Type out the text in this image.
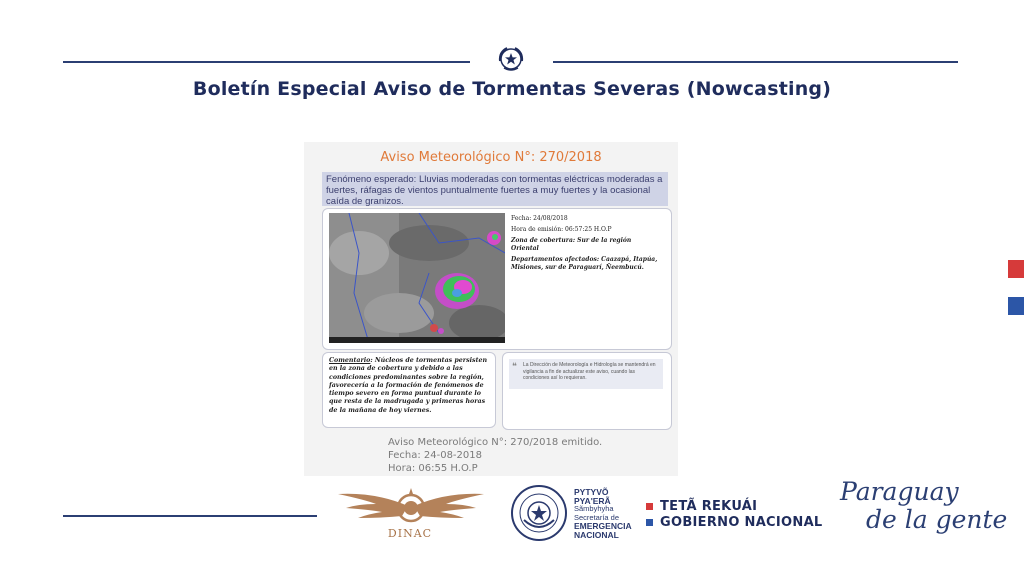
Boletín Especial Aviso de Tormentas Severas (Nowcasting)
Aviso Meteorológico N°: 270/2018
Fenómeno esperado: Lluvias moderadas con tormentas eléctricas moderadas a fuertes, ráfagas de vientos puntualmente fuertes a muy fuertes y la ocasional caída de granizos.
Fecha: 24/08/2018
Hora de emisión: 06:57:25 H.O.P
Zona de cobertura: Sur de la región Oriental
Departamentos afectados: Caazapá, Itapúa, Misiones, sur de Paraguarí, Ñeembucú.
Comentario: Núcleos de tormentas persisten en la zona de cobertura y debido a las condiciones predominantes sobre la región, favorecería a la formación de fenómenos de tiempo severo en forma puntual durante lo que resta de la madrugada y primeras horas de la mañana de hoy viernes.
La Dirección de Meteorología e Hidrología se mantendrá en vigilancia a fin de actualizar este aviso, cuando las condiciones así lo requieran.
❝
Aviso Meteorológico N°: 270/2018 emitido.
Fecha: 24-08-2018
Hora: 06:55 H.O.P
DINAC
PYTYVÕ
PYA'ERÃ
Sãmbyhyha
Secretaría de
EMERGENCIA
NACIONAL
TETÃ REKUÁI
GOBIERNO NACIONAL
Paraguay
de la gente
